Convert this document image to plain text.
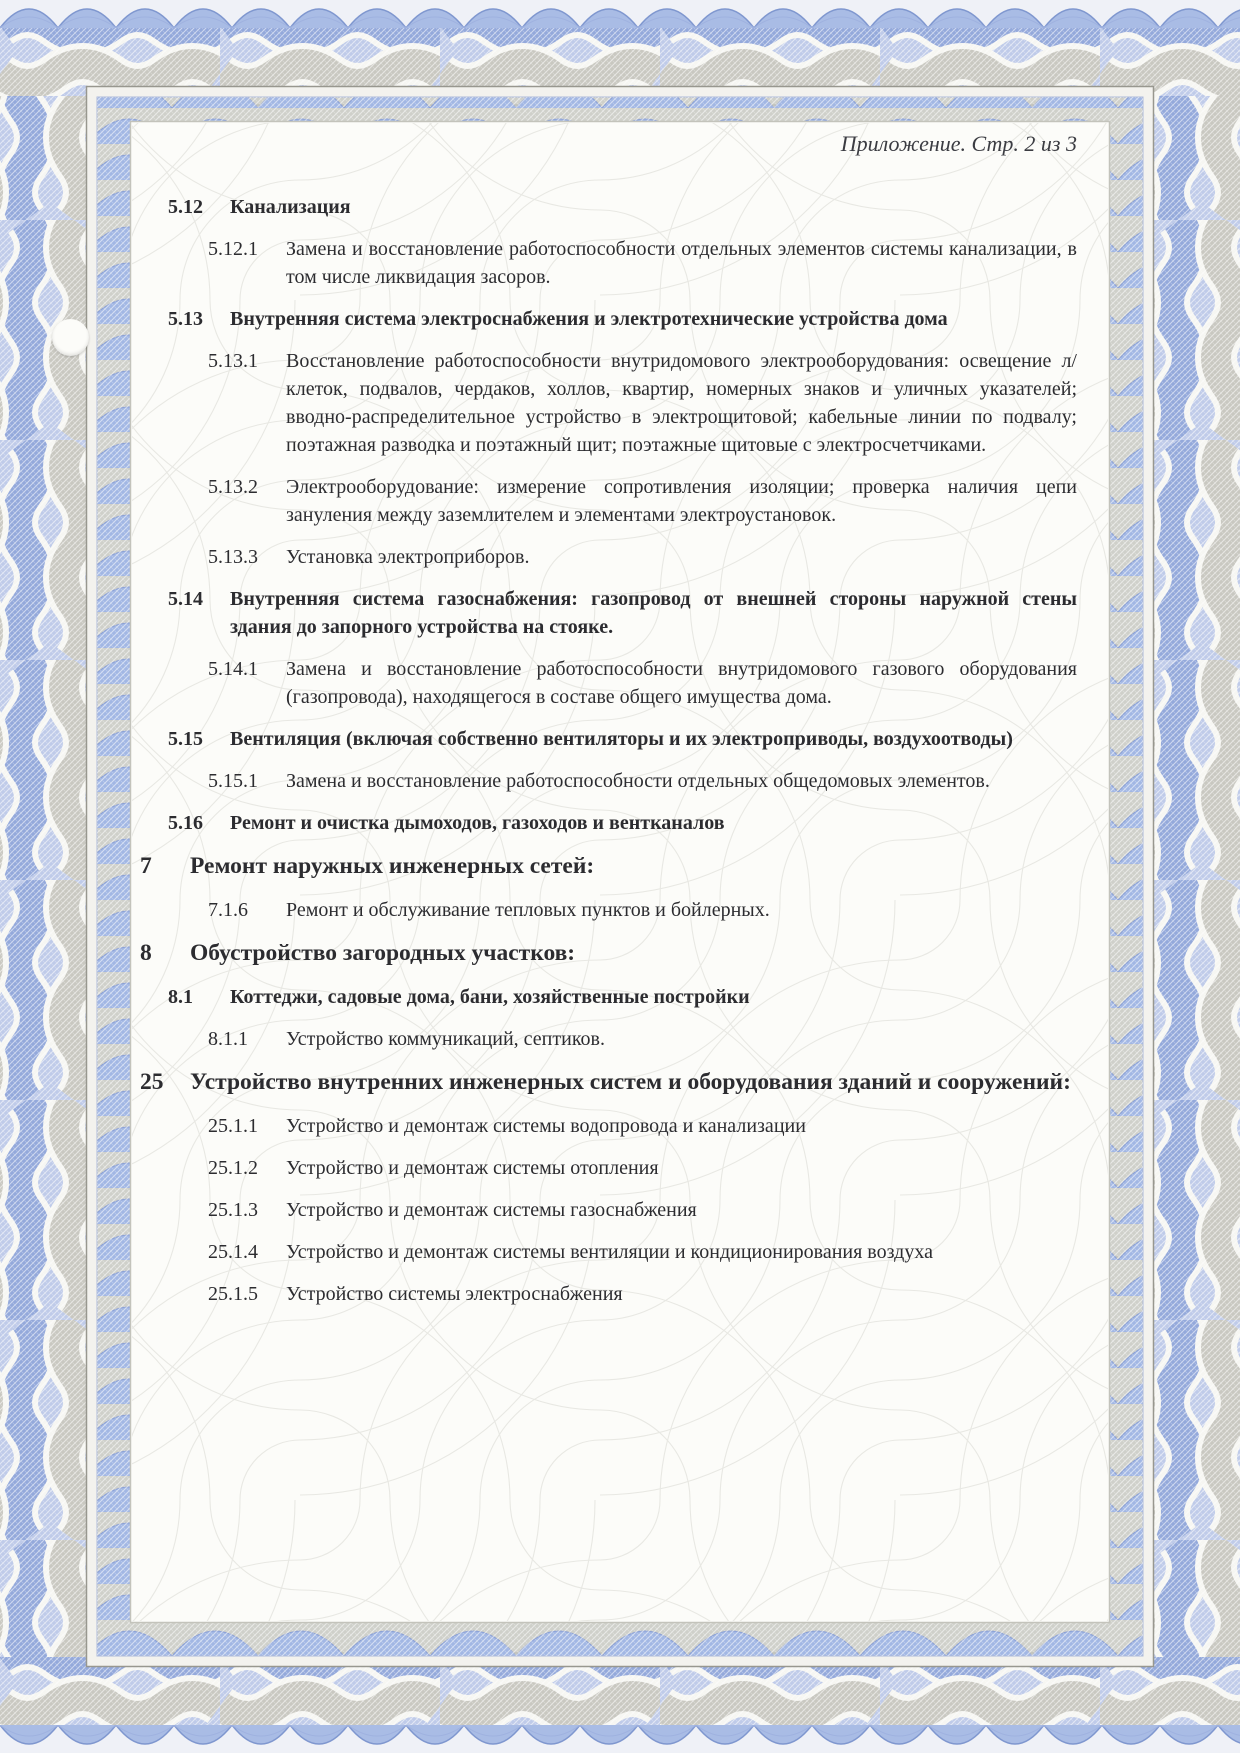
Приложение. Стр. 2 из 3
5.12	Канализация
5.12.1	Замена и восстановление работоспособности отдельных элементов системы канализации, в том числе ликвидация засоров.
5.13	Внутренняя система электроснабжения и электротехнические устройства дома
5.13.1	Восстановление работоспособности внутридомового электрооборудования: освещение л/клеток, подвалов, чердаков, холлов, квартир, номерных знаков и уличных указателей; вводно-распределительное устройство в электрощитовой; кабельные линии по подвалу; поэтажная разводка и поэтажный щит; поэтажные щитовые с электросчетчиками.
5.13.2	Электрооборудование: измерение сопротивления изоляции; проверка наличия цепи зануления между заземлителем и элементами электроустановок.
5.13.3	Установка электроприборов.
5.14	Внутренняя система газоснабжения: газопровод от внешней стороны наружной стены здания до запорного устройства на стояке.
5.14.1	Замена и восстановление работоспособности внутридомового газового оборудования (газопровода), находящегося в составе общего имущества дома.
5.15	Вентиляция (включая собственно вентиляторы и их электроприводы, воздухоотводы)
5.15.1	Замена и восстановление работоспособности отдельных общедомовых элементов.
5.16	Ремонт и очистка дымоходов, газоходов и вентканалов
7	Ремонт наружных инженерных сетей:
7.1.6	Ремонт и обслуживание тепловых пунктов и бойлерных.
8	Обустройство загородных участков:
8.1	Коттеджи, садовые дома, бани, хозяйственные постройки
8.1.1	Устройство коммуникаций, септиков.
25	Устройство внутренних инженерных систем и оборудования зданий и сооружений:
25.1.1	Устройство и демонтаж системы водопровода и канализации
25.1.2	Устройство и демонтаж системы отопления
25.1.3	Устройство и демонтаж системы газоснабжения
25.1.4	Устройство и демонтаж системы вентиляции и кондиционирования воздуха
25.1.5	Устройство системы электроснабжения
